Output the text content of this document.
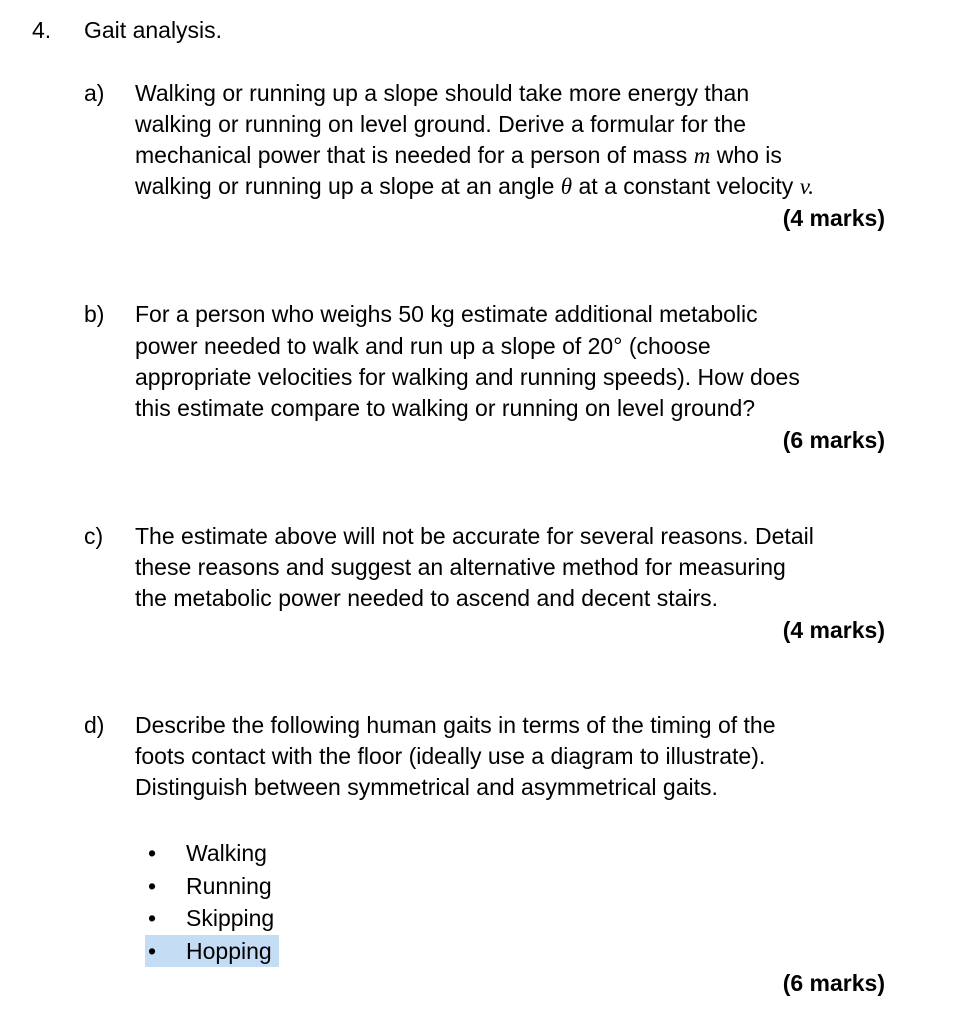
4. Gait analysis.
a) Walking or running up a slope should take more energy than
walking or running on level ground. Derive a formular for the
mechanical power that is needed for a person of mass m who is
walking or running up a slope at an angle θ at a constant velocity v.
(4 marks)
b) For a person who weighs 50 kg estimate additional metabolic
power needed to walk and run up a slope of 20° (choose
appropriate velocities for walking and running speeds). How does
this estimate compare to walking or running on level ground?
(6 marks)
c) The estimate above will not be accurate for several reasons. Detail
these reasons and suggest an alternative method for measuring
the metabolic power needed to ascend and decent stairs.
(4 marks)
d) Describe the following human gaits in terms of the timing of the
foots contact with the floor (ideally use a diagram to illustrate).
Distinguish between symmetrical and asymmetrical gaits.
• Walking
• Running
• Skipping
• Hopping
(6 marks)
